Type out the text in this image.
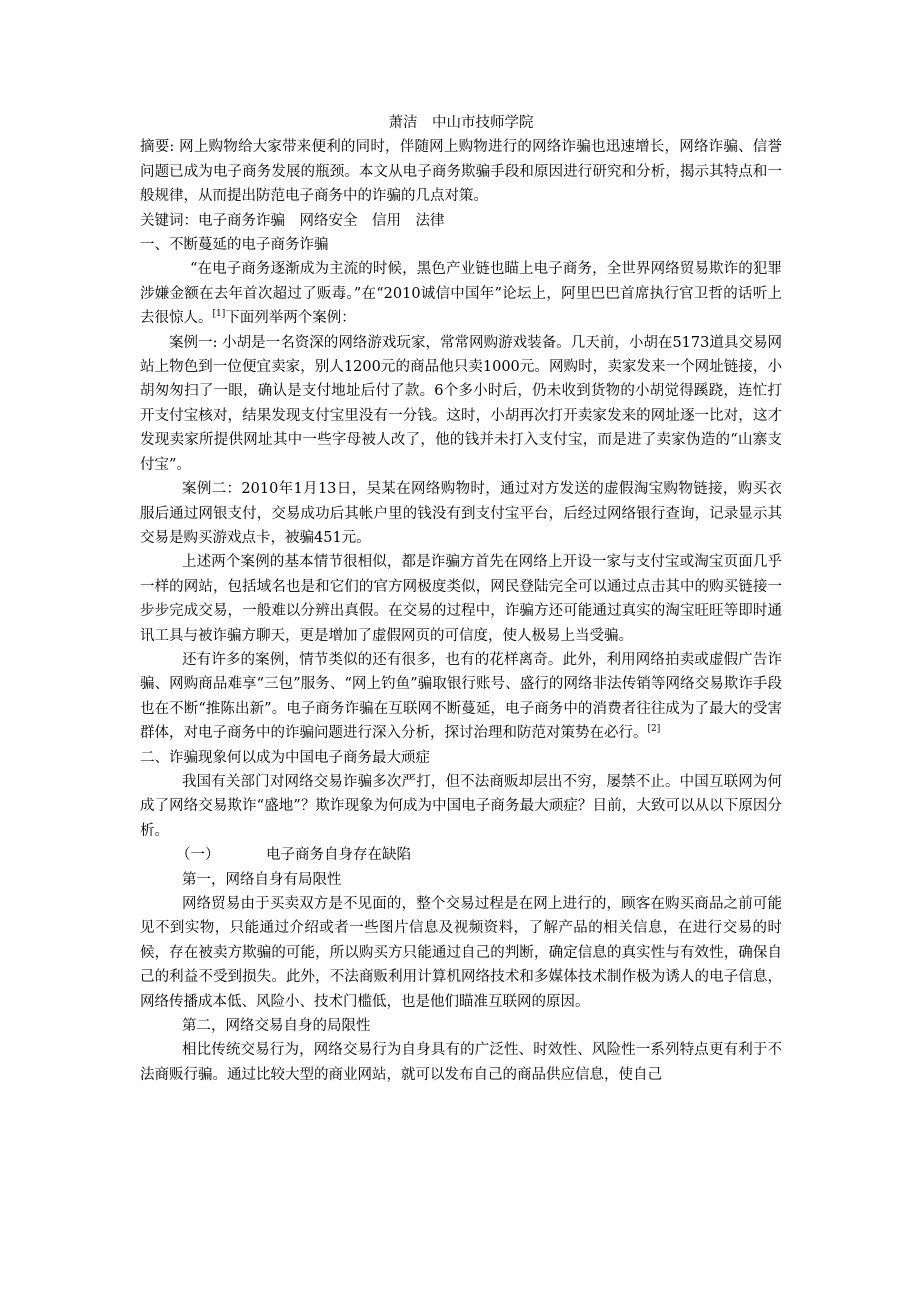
萧洁　中山市技师学院

摘要: 网上购物给大家带来便利的同时，伴随网上购物进行的网络诈骗也迅速增长，网络诈骗、信誉问题已成为电子商务发展的瓶颈。本文从电子商务欺骗手段和原因进行研究和分析，揭示其特点和一般规律，从而提出防范电子商务中的诈骗的几点对策。

关键词：电子商务诈骗　网络安全　信用　法律

一、不断蔓延的电子商务诈骗

“在电子商务逐渐成为主流的时候，黑色产业链也瞄上电子商务，全世界网络贸易欺诈的犯罪涉嫌金额在去年首次超过了贩毒。”在“2010诚信中国年”论坛上，阿里巴巴首席执行官卫哲的话听上去很惊人。[1]下面列举两个案例：

案例一: 小胡是一名资深的网络游戏玩家，常常网购游戏装备。几天前，小胡在5173道具交易网站上物色到一位便宜卖家，别人1200元的商品他只卖1000元。网购时，卖家发来一个网址链接，小胡匆匆扫了一眼，确认是支付地址后付了款。6个多小时后，仍未收到货物的小胡觉得蹊跷，连忙打开支付宝核对，结果发现支付宝里没有一分钱。这时，小胡再次打开卖家发来的网址逐一比对，这才发现卖家所提供网址其中一些字母被人改了，他的钱并未打入支付宝，而是进了卖家伪造的“山寨支付宝”。

案例二：2010年1月13日，吴某在网络购物时，通过对方发送的虚假淘宝购物链接，购买衣服后通过网银支付，交易成功后其帐户里的钱没有到支付宝平台，后经过网络银行查询，记录显示其交易是购买游戏点卡，被骗451元。

上述两个案例的基本情节很相似，都是诈骗方首先在网络上开设一家与支付宝或淘宝页面几乎一样的网站，包括域名也是和它们的官方网极度类似，网民登陆完全可以通过点击其中的购买链接一步步完成交易，一般难以分辨出真假。在交易的过程中，诈骗方还可能通过真实的淘宝旺旺等即时通讯工具与被诈骗方聊天，更是增加了虚假网页的可信度，使人极易上当受骗。

还有许多的案例，情节类似的还有很多，也有的花样离奇。此外，利用网络拍卖或虚假广告诈骗、网购商品难享“三包”服务、“网上钓鱼”骗取银行账号、盛行的网络非法传销等网络交易欺诈手段也在不断“推陈出新”。电子商务诈骗在互联网不断蔓延，电子商务中的消费者往往成为了最大的受害群体，对电子商务中的诈骗问题进行深入分析，探讨治理和防范对策势在必行。[2]

二、诈骗现象何以成为中国电子商务最大顽症

我国有关部门对网络交易诈骗多次严打，但不法商贩却层出不穷，屡禁不止。中国互联网为何成了网络交易欺诈“盛地”？欺诈现象为何成为中国电子商务最大顽症？目前，大致可以从以下原因分析。

（一）	电子商务自身存在缺陷

第一，网络自身有局限性

网络贸易由于买卖双方是不见面的，整个交易过程是在网上进行的，顾客在购买商品之前可能见不到实物，只能通过介绍或者一些图片信息及视频资料，了解产品的相关信息，在进行交易的时候，存在被卖方欺骗的可能，所以购买方只能通过自己的判断，确定信息的真实性与有效性，确保自己的利益不受到损失。此外，不法商贩利用计算机网络技术和多媒体技术制作极为诱人的电子信息，网络传播成本低、风险小、技术门槛低，也是他们瞄准互联网的原因。

第二，网络交易自身的局限性

相比传统交易行为，网络交易行为自身具有的广泛性、时效性、风险性一系列特点更有利于不法商贩行骗。通过比较大型的商业网站，就可以发布自己的商品供应信息，使自己
